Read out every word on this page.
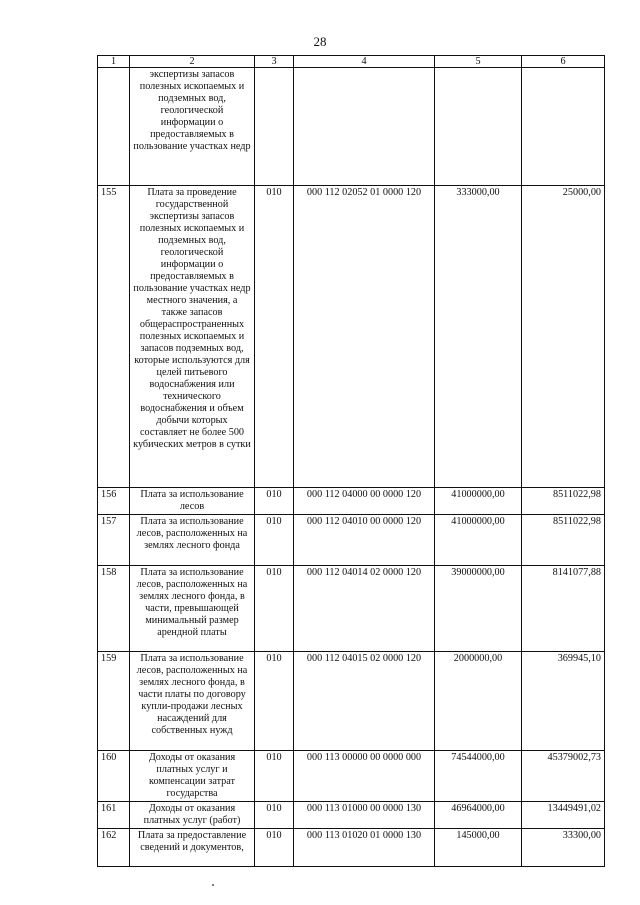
28
1	2	3	4	5	6
	экспертизы запасов полезных ископаемых и подземных вод, геологической информации о предоставляемых в пользование участках недр				
155	Плата за проведение государственной экспертизы запасов полезных ископаемых и подземных вод, геологической информации о предоставляемых в пользование участках недр местного значения, а также запасов общераспространенных полезных ископаемых и запасов подземных вод, которые используются для целей питьевого водоснабжения или технического водоснабжения и объем добычи которых составляет не более 500 кубических метров в сутки	010	000 112 02052 01 0000 120	333000,00	25000,00
156	Плата за использование лесов	010	000 112 04000 00 0000 120	41000000,00	8511022,98
157	Плата за использование лесов, расположенных на землях лесного фонда	010	000 112 04010 00 0000 120	41000000,00	8511022,98
158	Плата за использование лесов, расположенных на землях лесного фонда, в части, превышающей минимальный размер арендной платы	010	000 112 04014 02 0000 120	39000000,00	8141077,88
159	Плата за использование лесов, расположенных на землях лесного фонда, в части платы по договору купли-продажи лесных насаждений для собственных нужд	010	000 112 04015 02 0000 120	2000000,00	369945,10
160	Доходы от оказания платных услуг и компенсации затрат государства	010	000 113 00000 00 0000 000	74544000,00	45379002,73
161	Доходы от оказания платных услуг (работ)	010	000 113 01000 00 0000 130	46964000,00	13449491,02
162	Плата за предоставление сведений и документов,	010	000 113 01020 01 0000 130	145000,00	33300,00
